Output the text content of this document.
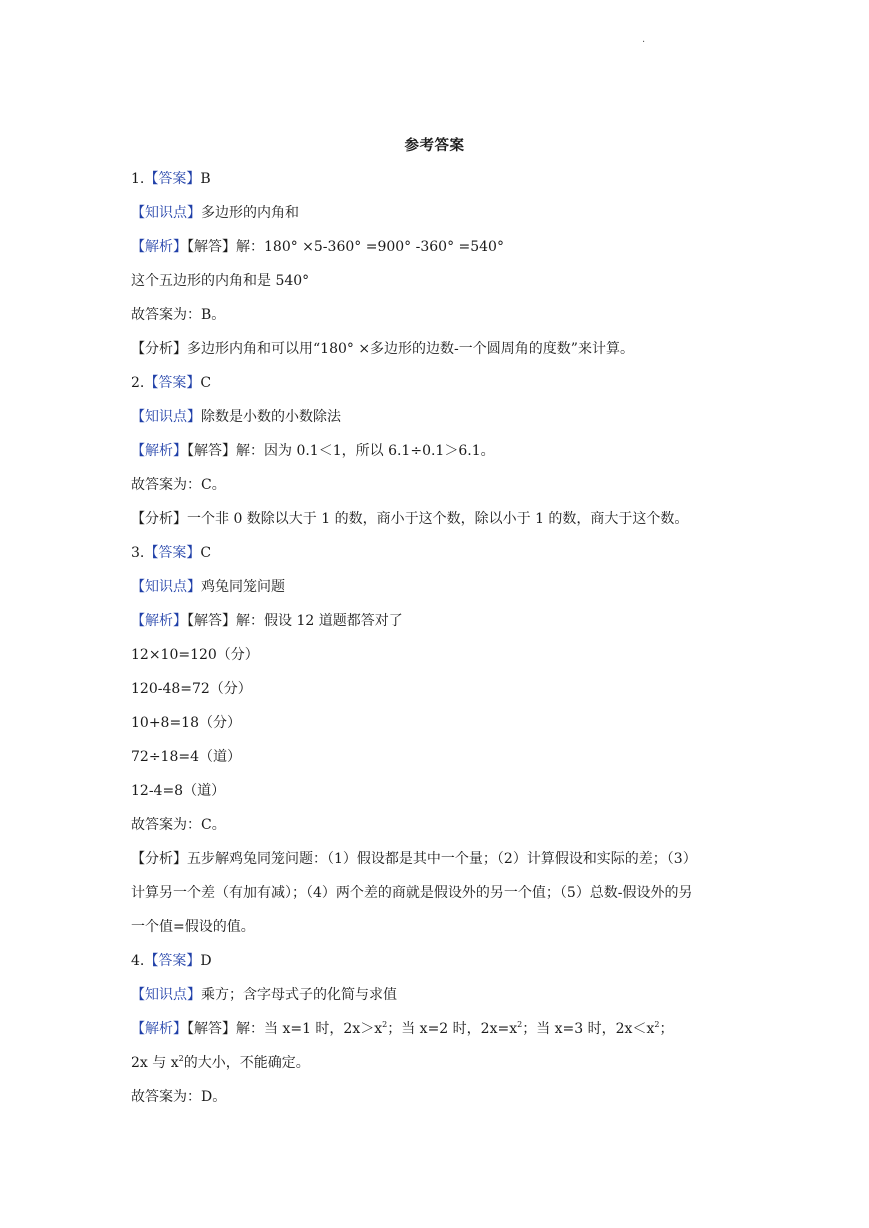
.
参考答案
1.【答案】B
【知识点】多边形的内角和
【解析】【解答】解：180° ×5-360° =900° -360° =540°
这个五边形的内角和是 540°
故答案为：B。
【分析】多边形内角和可以用“180° ×多边形的边数-一个圆周角的度数”来计算。
2.【答案】C
【知识点】除数是小数的小数除法
【解析】【解答】解：因为 0.1＜1，所以 6.1÷0.1＞6.1。
故答案为：C。
【分析】一个非 0 数除以大于 1 的数，商小于这个数，除以小于 1 的数，商大于这个数。
3.【答案】C
【知识点】鸡兔同笼问题
【解析】【解答】解：假设 12 道题都答对了
12×10=120（分）
120-48=72（分）
10+8=18（分）
72÷18=4（道）
12-4=8（道）
故答案为：C。
【分析】五步解鸡兔同笼问题：（1）假设都是其中一个量；（2）计算假设和实际的差；（3）
计算另一个差（有加有减）；（4）两个差的商就是假设外的另一个值；（5）总数-假设外的另
一个值=假设的值。
4.【答案】D
【知识点】乘方；含字母式子的化简与求值
【解析】【解答】解：当 x=1 时，$2x>x^2$；当 x=2 时，$2x=x^2$；当 x=3 时，$2x<x^2$；
2x 与 $x^2$的大小，不能确定。
故答案为：D。
